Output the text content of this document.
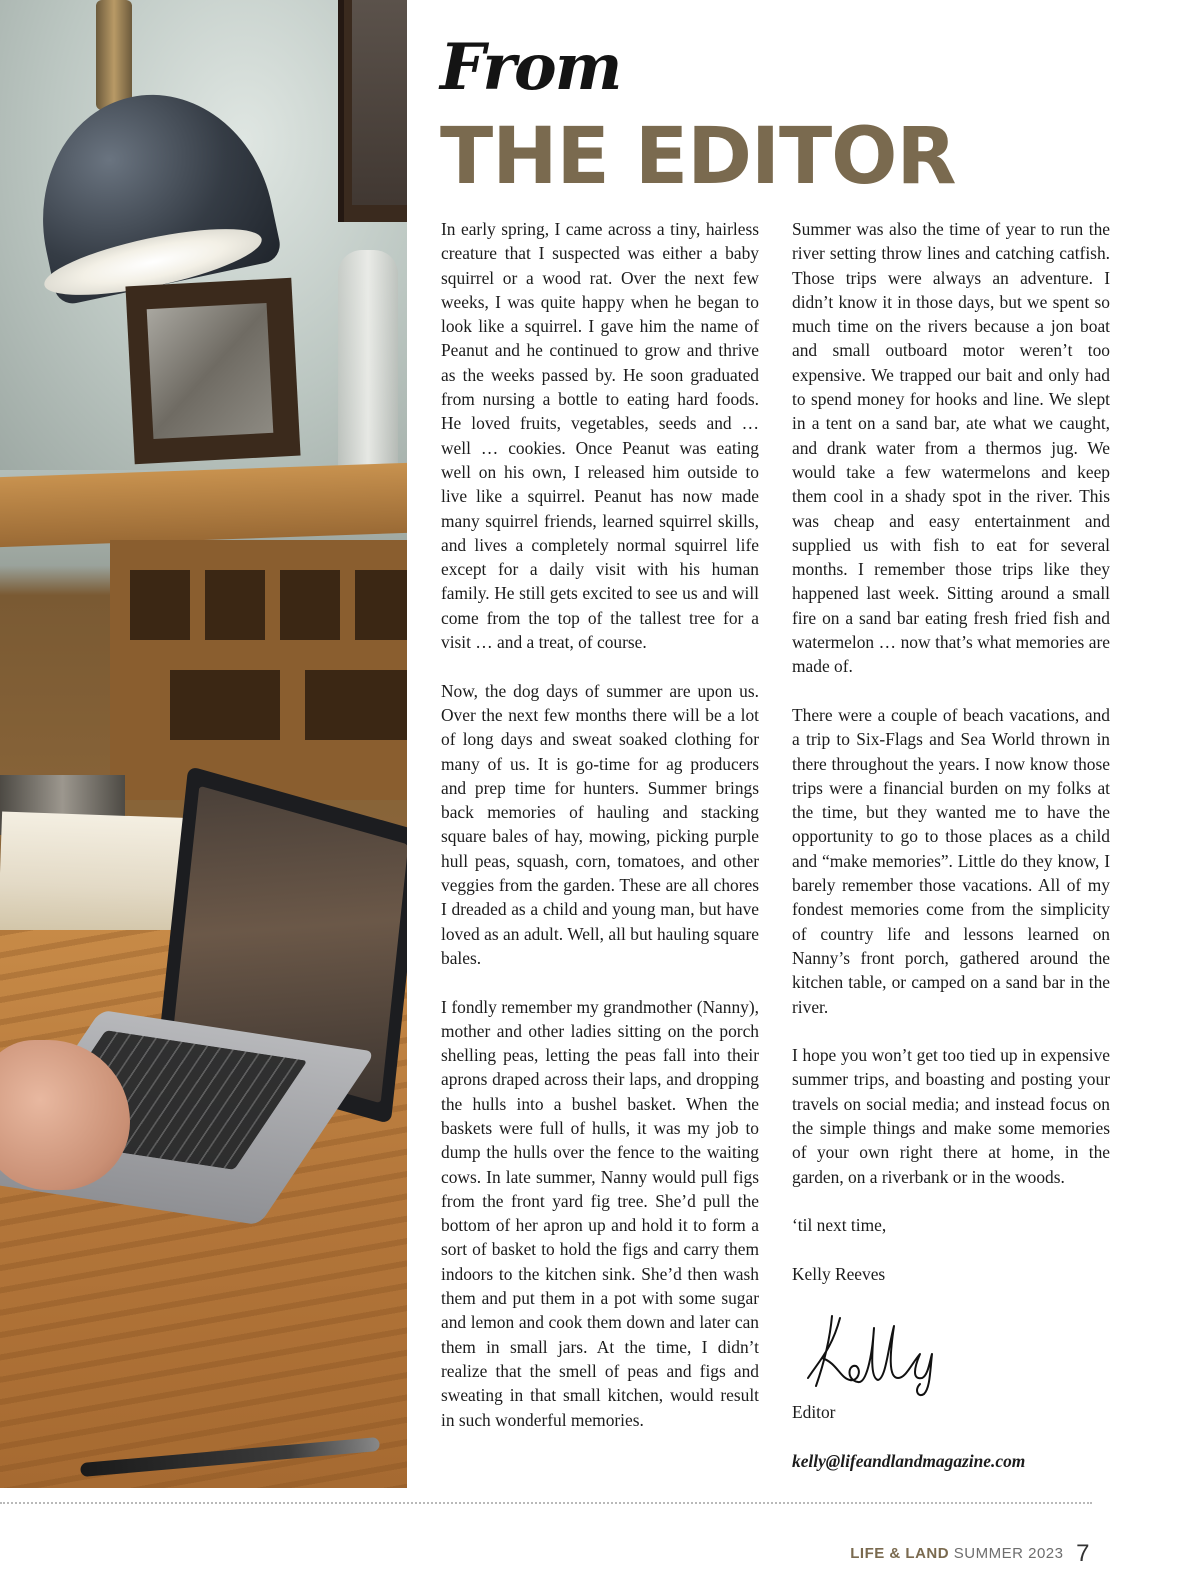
From
THE EDITOR

In early spring, I came across a tiny, hairless creature that I suspected was either a baby squirrel or a wood rat. Over the next few weeks, I was quite happy when he began to look like a squirrel. I gave him the name of Peanut and he continued to grow and thrive as the weeks passed by. He soon graduated from nursing a bottle to eating hard foods. He loved fruits, vegetables, seeds and … well … cookies. Once Peanut was eating well on his own, I released him outside to live like a squirrel. Peanut has now made many squirrel friends, learned squirrel skills, and lives a completely normal squirrel life except for a daily visit with his human family. He still gets excited to see us and will come from the top of the tallest tree for a visit … and a treat, of course.

Now, the dog days of summer are upon us. Over the next few months there will be a lot of long days and sweat soaked clothing for many of us. It is go-time for ag producers and prep time for hunters. Summer brings back memories of hauling and stacking square bales of hay, mowing, picking purple hull peas, squash, corn, tomatoes, and other veggies from the garden. These are all chores I dreaded as a child and young man, but have loved as an adult. Well, all but hauling square bales.

I fondly remember my grandmother (Nanny), mother and other ladies sitting on the porch shelling peas, letting the peas fall into their aprons draped across their laps, and dropping the hulls into a bushel basket. When the baskets were full of hulls, it was my job to dump the hulls over the fence to the waiting cows. In late summer, Nanny would pull figs from the front yard fig tree. She’d pull the bottom of her apron up and hold it to form a sort of basket to hold the figs and carry them indoors to the kitchen sink. She’d then wash them and put them in a pot with some sugar and lemon and cook them down and later can them in small jars. At the time, I didn’t realize that the smell of peas and figs and sweating in that small kitchen, would result in such wonderful memories.

Summer was also the time of year to run the river setting throw lines and catching catfish. Those trips were always an adventure. I didn’t know it in those days, but we spent so much time on the rivers because a jon boat and small outboard motor weren’t too expensive. We trapped our bait and only had to spend money for hooks and line. We slept in a tent on a sand bar, ate what we caught, and drank water from a thermos jug. We would take a few watermelons and keep them cool in a shady spot in the river. This was cheap and easy entertainment and supplied us with fish to eat for several months. I remember those trips like they happened last week. Sitting around a small fire on a sand bar eating fresh fried fish and watermelon … now that’s what memories are made of.

There were a couple of beach vacations, and a trip to Six-Flags and Sea World thrown in there throughout the years. I now know those trips were a financial burden on my folks at the time, but they wanted me to have the opportunity to go to those places as a child and “make memories”. Little do they know, I barely remember those vacations. All of my fondest memories come from the simplicity of country life and lessons learned on Nanny’s front porch, gathered around the kitchen table, or camped on a sand bar in the river.

I hope you won’t get too tied up in expensive summer trips, and boasting and posting your travels on social media; and instead focus on the simple things and make some memories of your own right there at home, in the garden, on a riverbank or in the woods.

‘til next time,

Kelly Reeves

Editor

kelly@lifeandlandmagazine.com

LIFE & LAND SUMMER 2023 7
